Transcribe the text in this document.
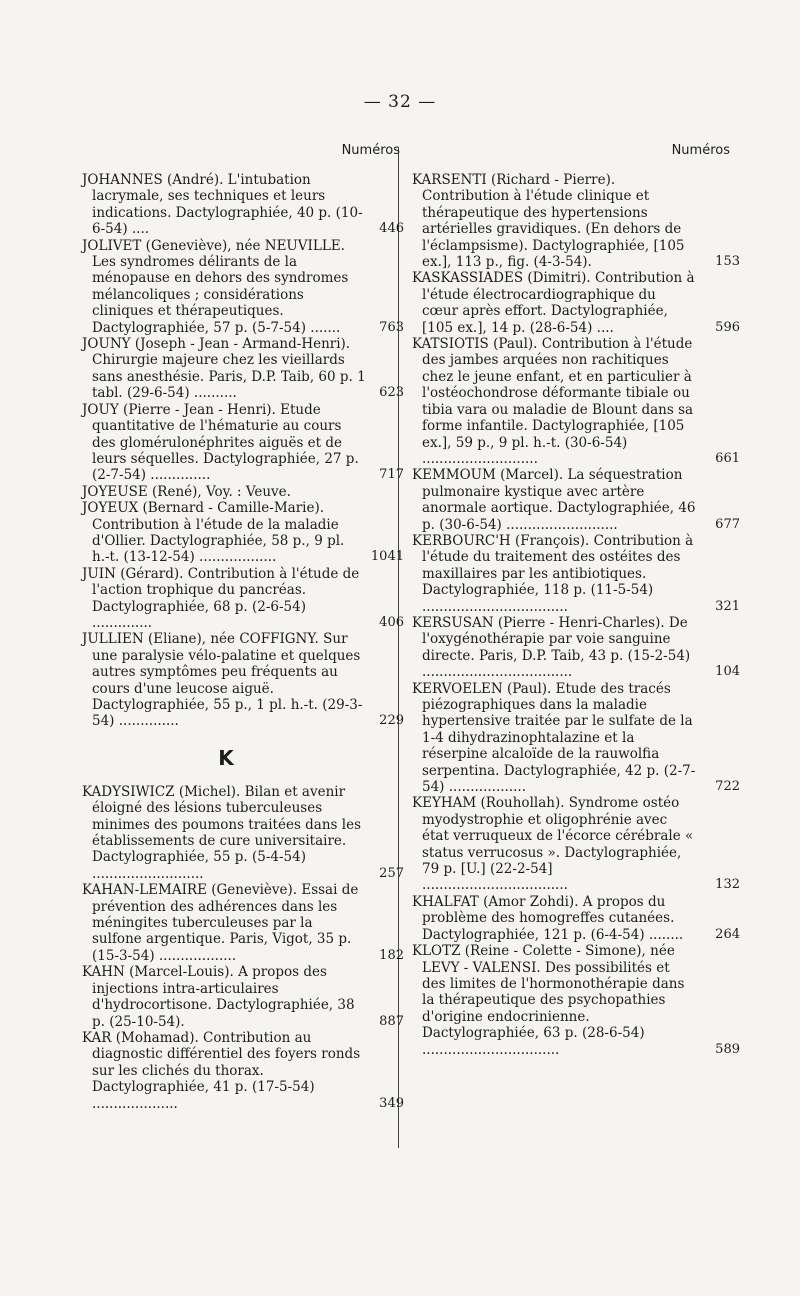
— 32 —
Numéros
JOHANNES (André). L'intubation lacrymale, ses techniques et leurs indications. Dactylographiée, 40 p. (10-6-54) ....	446
JOLIVET (Geneviève), née NEUVILLE. Les syndromes délirants de la ménopause en dehors des syndromes mélancoliques ; considérations cliniques et thérapeutiques. Dactylographiée, 57 p. (5-7-54) .......	763
JOUNY (Joseph - Jean - Armand-Henri). Chirurgie majeure chez les vieillards sans anesthésie. Paris, D.P. Taib, 60 p. 1 tabl. (29-6-54) ..........	623
JOUY (Pierre - Jean - Henri). Etude quantitative de l'hématurie au cours des glomérulonéphrites aiguës et de leurs séquelles. Dactylographiée, 27 p. (2-7-54) ..............	717
JOYEUSE (René), Voy. : Veuve.
JOYEUX (Bernard - Camille-Marie). Contribution à l'étude de la maladie d'Ollier. Dactylographiée, 58 p., 9 pl. h.-t. (13-12-54) ..................	1041
JUIN (Gérard). Contribution à l'étude de l'action trophique du pancréas. Dactylographiée, 68 p. (2-6-54) ..............	406
JULLIEN (Eliane), née COFFIGNY. Sur une paralysie vélo-palatine et quelques autres symptômes peu fréquents au cours d'une leucose aiguë. Dactylographiée, 55 p., 1 pl. h.-t. (29-3-54) ..............	229
K
KADYSIWICZ (Michel). Bilan et avenir éloigné des lésions tuberculeuses minimes des poumons traitées dans les établissements de cure universitaire. Dactylographiée, 55 p. (5-4-54) ..........................	257
KAHAN-LEMAIRE (Geneviève). Essai de prévention des adhérences dans les méningites tuberculeuses par la sulfone argentique. Paris, Vigot, 35 p. (15-3-54) ..................	182
KAHN (Marcel-Louis). A propos des injections intra-articulaires d'hydrocortisone. Dactylographiée, 38 p. (25-10-54).	887
KAR (Mohamad). Contribution au diagnostic différentiel des foyers ronds sur les clichés du thorax. Dactylographiée, 41 p. (17-5-54) ....................	349
Numéros
KARSENTI (Richard - Pierre). Contribution à l'étude clinique et thérapeutique des hypertensions artérielles gravidiques. (En dehors de l'éclampsisme). Dactylographiée, [105 ex.], 113 p., fig. (4-3-54).	153
KASKASSIADES (Dimitri). Contribution à l'étude électrocardiographique du cœur après effort. Dactylographiée, [105 ex.], 14 p. (28-6-54) ....	596
KATSIOTIS (Paul). Contribution à l'étude des jambes arquées non rachitiques chez le jeune enfant, et en particulier à l'ostéochondrose déformante tibiale ou tibia vara ou maladie de Blount dans sa forme infantile. Dactylographiée, [105 ex.], 59 p., 9 pl. h.-t. (30-6-54) ...........................	661
KEMMOUM (Marcel). La séquestration pulmonaire kystique avec artère anormale aortique. Dactylographiée, 46 p. (30-6-54) ..........................	677
KERBOURC'H (François). Contribution à l'étude du traitement des ostéites des maxillaires par les antibiotiques. Dactylographiée, 118 p. (11-5-54) ..................................	321
KERSUSAN (Pierre - Henri-Charles). De l'oxygénothérapie par voie sanguine directe. Paris, D.P. Taib, 43 p. (15-2-54) ...................................	104
KERVOELEN (Paul). Etude des tracés piézographiques dans la maladie hypertensive traitée par le sulfate de la 1-4 dihydrazinophtalazine et la réserpine alcaloïde de la rauwolfia serpentina. Dactylographiée, 42 p. (2-7-54) ..................	722
KEYHAM (Rouhollah). Syndrome ostéo myodystrophie et oligophrénie avec état verruqueux de l'écorce cérébrale « status verrucosus ». Dactylographiée, 79 p. [U.] (22-2-54] ..................................	132
KHALFAT (Amor Zohdi). A propos du problème des homogreffes cutanées. Dactylographiée, 121 p. (6-4-54) ........ 264
KLOTZ (Reine - Colette - Simone), née LEVY - VALENSI. Des possibilités et des limites de l'hormonothérapie dans la thérapeutique des psychopathies d'origine endocrinienne. Dactylographiée, 63 p. (28-6-54) ................................	589
